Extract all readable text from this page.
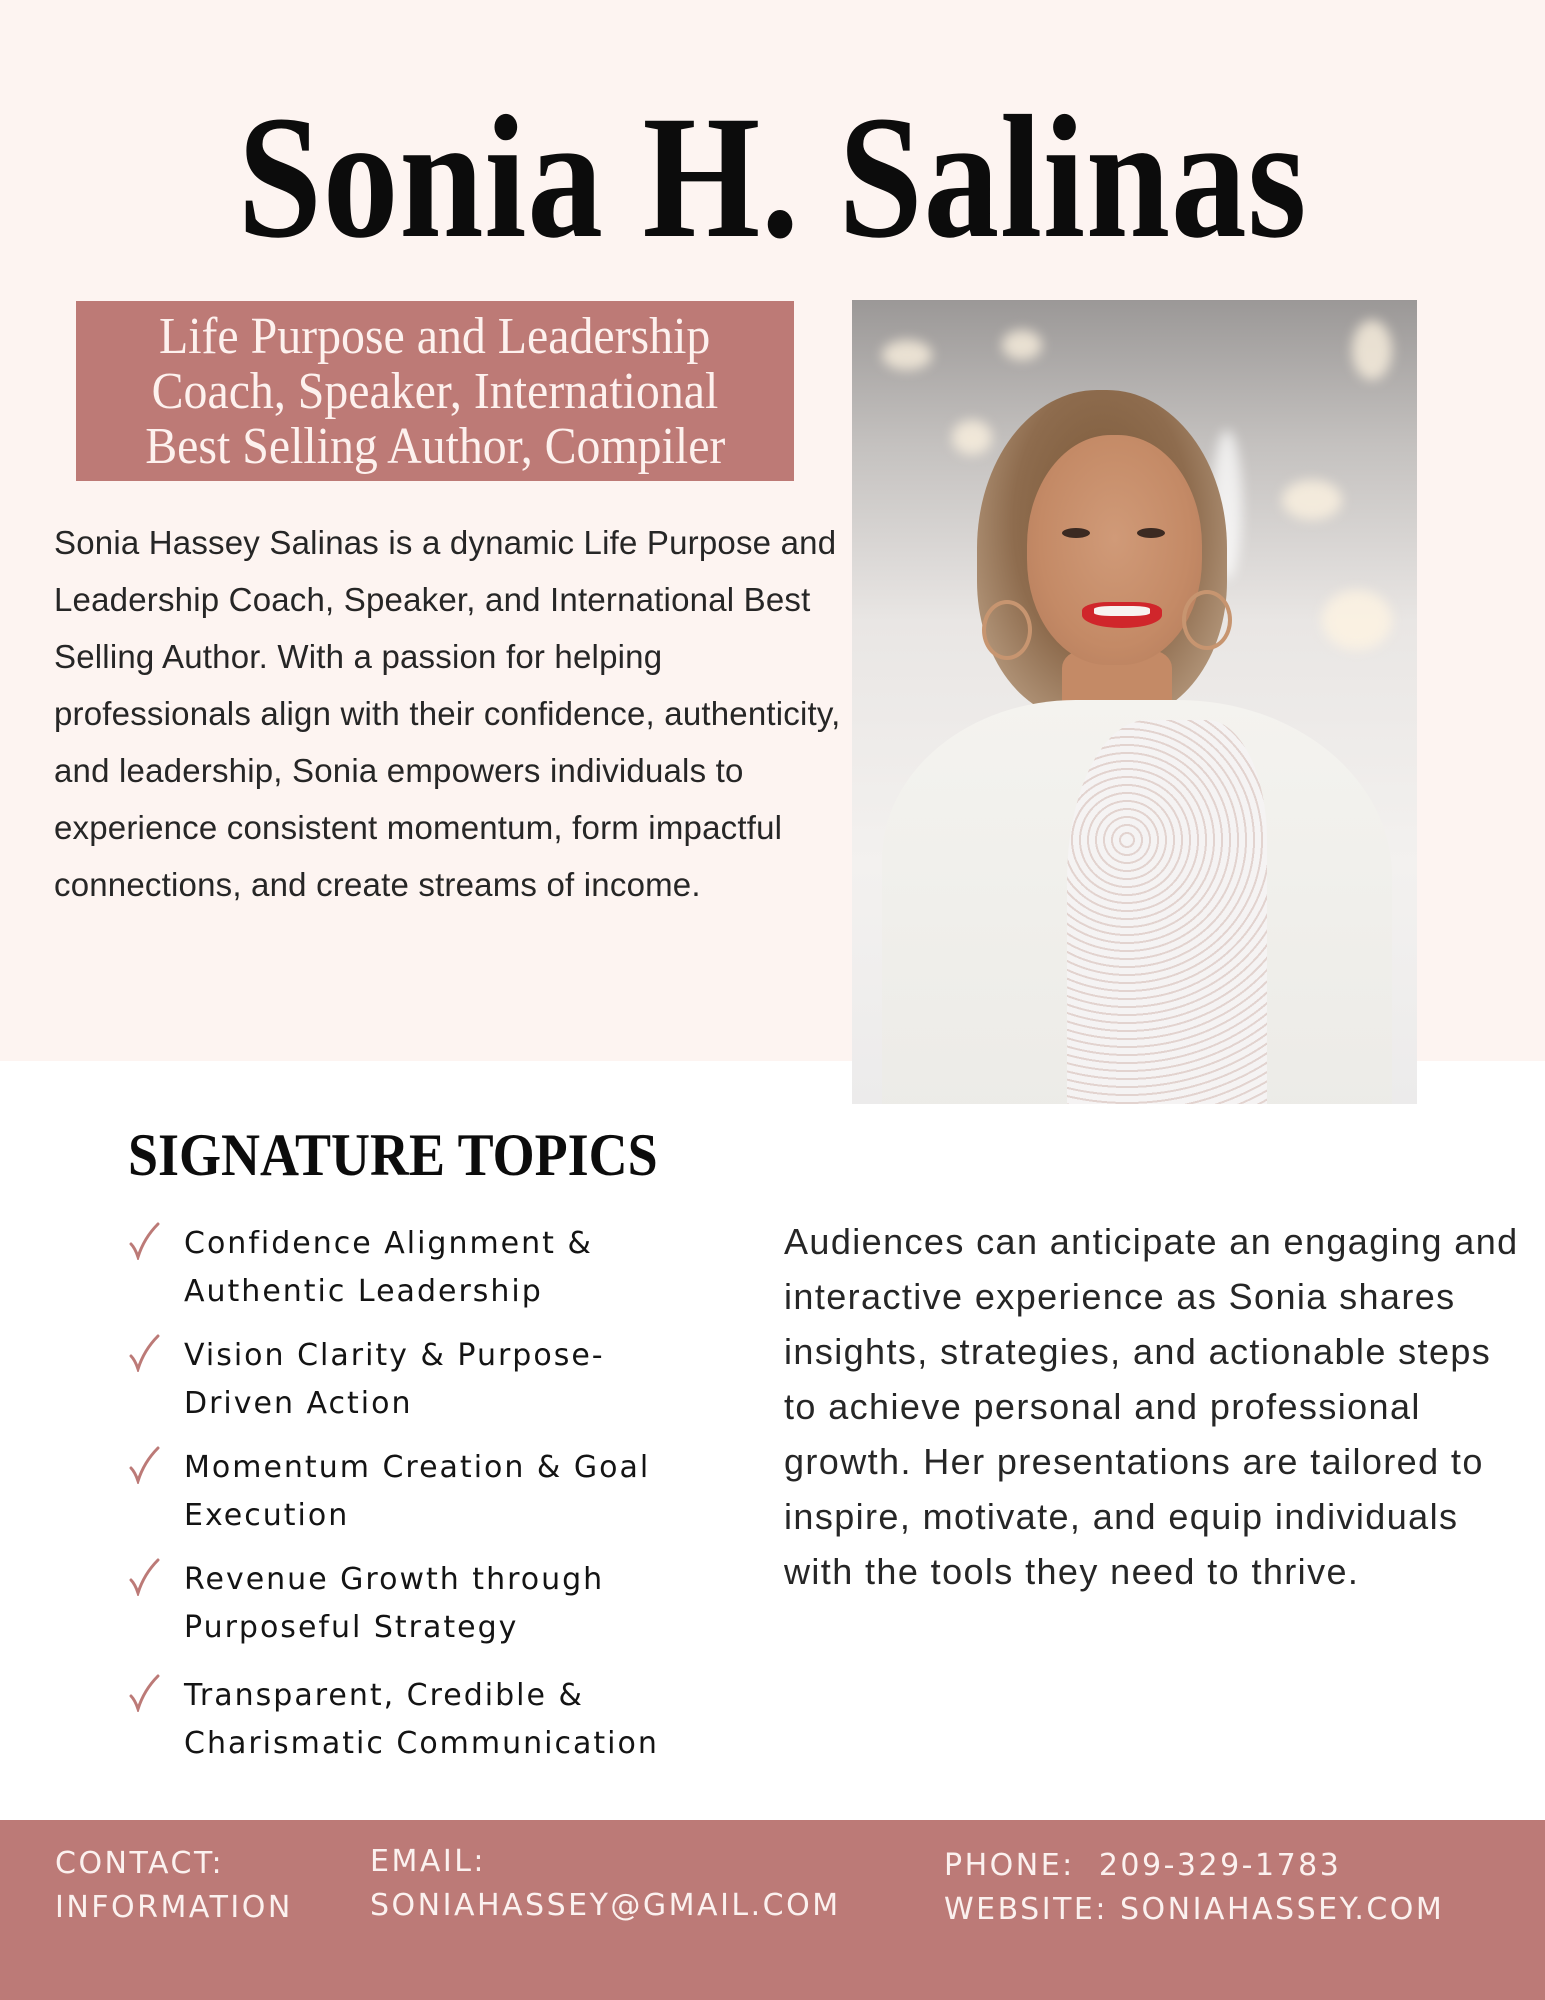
Sonia H. Salinas
Life Purpose and Leadership
Coach, Speaker, International
Best Selling Author, Compiler

Sonia Hassey Salinas is a dynamic Life Purpose and Leadership Coach, Speaker, and International Best Selling Author. With a passion for helping professionals align with their confidence, authenticity, and leadership, Sonia empowers individuals to experience consistent momentum, form impactful connections, and create streams of income.

SIGNATURE TOPICS
Confidence Alignment & Authentic Leadership
Vision Clarity & Purpose-Driven Action
Momentum Creation & Goal Execution
Revenue Growth through Purposeful Strategy
Transparent, Credible & Charismatic Communication

Audiences can anticipate an engaging and interactive experience as Sonia shares insights, strategies, and actionable steps to achieve personal and professional growth. Her presentations are tailored to inspire, motivate, and equip individuals with the tools they need to thrive.

CONTACT:
INFORMATION
EMAIL:
SONIAHASSEY@GMAIL.COM
PHONE:  209-329-1783
WEBSITE: SONIAHASSEY.COM
